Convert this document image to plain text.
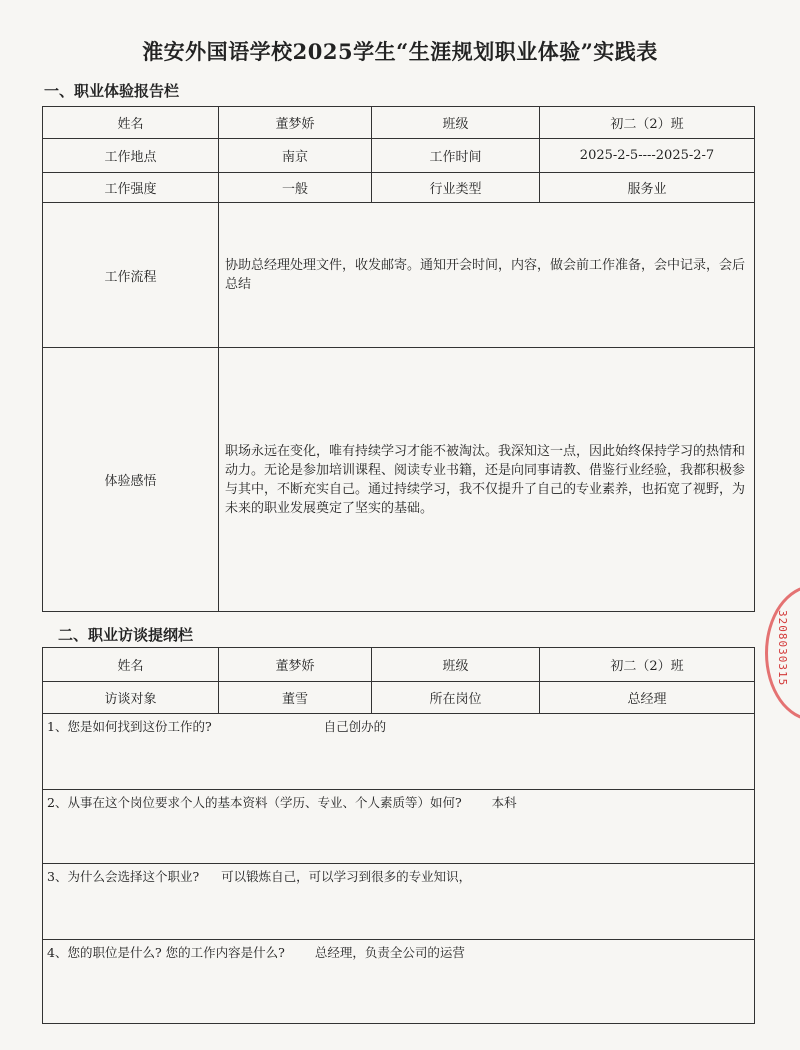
淮安外国语学校2025学生“生涯规划职业体验”实践表
一、职业体验报告栏
姓名	董梦娇	班级	初二（2）班
工作地点	南京	工作时间	2025-2-5----2025-2-7
工作强度	一般	行业类型	服务业
工作流程	协助总经理处理文件，收发邮寄。通知开会时间，内容，做会前工作准备，会中记录，会后总结		
体验感悟	职场永远在变化，唯有持续学习才能不被淘汰。我深知这一点，因此始终保持学习的热情和动力。无论是参加培训课程、阅读专业书籍，还是向同事请教、借鉴行业经验，我都积极参与其中，不断充实自己。通过持续学习，我不仅提升了自己的专业素养，也拓宽了视野，为未来的职业发展奠定了坚实的基础。		
二、职业访谈提纲栏
姓名	董梦娇	班级	初二（2）班
访谈对象	董雪	所在岗位	总经理
1、您是如何找到这份工作的? 自己创办的			
2、从事在这个岗位要求个人的基本资料（学历、专业、个人素质等）如何? 本科			
3、为什么会选择这个职业? 可以锻炼自己，可以学习到很多的专业知识，			
4、您的职位是什么? 您的工作内容是什么? 总经理，负责全公司的运营			
3208030315
